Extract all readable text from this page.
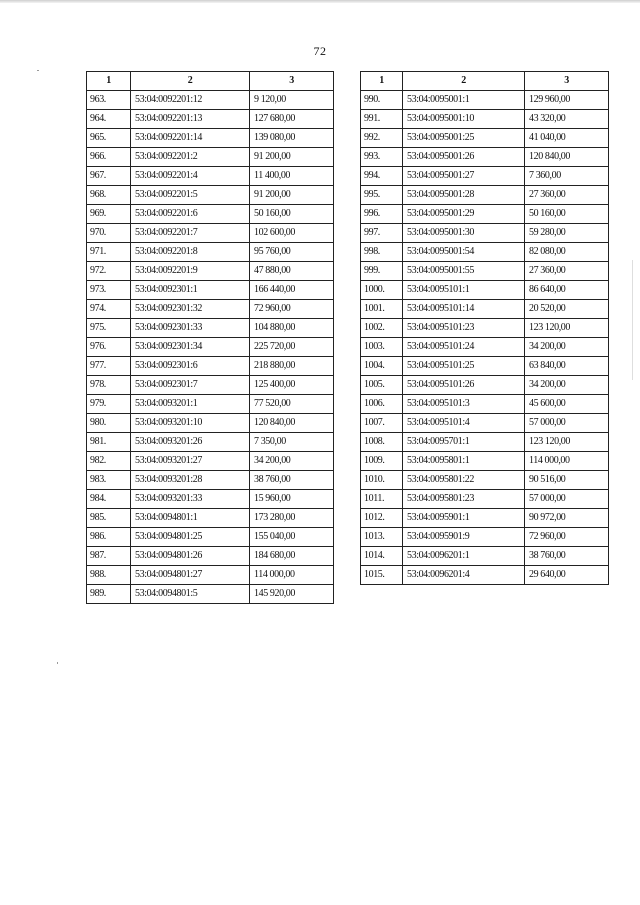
72
1	2	3
963.	53:04:0092201:12	9 120,00
964.	53:04:0092201:13	127 680,00
965.	53:04:0092201:14	139 080,00
966.	53:04:0092201:2	91 200,00
967.	53:04:0092201:4	11 400,00
968.	53:04:0092201:5	91 200,00
969.	53:04:0092201:6	50 160,00
970.	53:04:0092201:7	102 600,00
971.	53:04:0092201:8	95 760,00
972.	53:04:0092201:9	47 880,00
973.	53:04:0092301:1	166 440,00
974.	53:04:0092301:32	72 960,00
975.	53:04:0092301:33	104 880,00
976.	53:04:0092301:34	225 720,00
977.	53:04:0092301:6	218 880,00
978.	53:04:0092301:7	125 400,00
979.	53:04:0093201:1	77 520,00
980.	53:04:0093201:10	120 840,00
981.	53:04:0093201:26	7 350,00
982.	53:04:0093201:27	34 200,00
983.	53:04:0093201:28	38 760,00
984.	53:04:0093201:33	15 960,00
985.	53:04:0094801:1	173 280,00
986.	53:04:0094801:25	155 040,00
987.	53:04:0094801:26	184 680,00
988.	53:04:0094801:27	114 000,00
989.	53:04:0094801:5	145 920,00
1	2	3
990.	53:04:0095001:1	129 960,00
991.	53:04:0095001:10	43 320,00
992.	53:04:0095001:25	41 040,00
993.	53:04:0095001:26	120 840,00
994.	53:04:0095001:27	7 360,00
995.	53:04:0095001:28	27 360,00
996.	53:04:0095001:29	50 160,00
997.	53:04:0095001:30	59 280,00
998.	53:04:0095001:54	82 080,00
999.	53:04:0095001:55	27 360,00
1000.	53:04:0095101:1	86 640,00
1001.	53:04:0095101:14	20 520,00
1002.	53:04:0095101:23	123 120,00
1003.	53:04:0095101:24	34 200,00
1004.	53:04:0095101:25	63 840,00
1005.	53:04:0095101:26	34 200,00
1006.	53:04:0095101:3	45 600,00
1007.	53:04:0095101:4	57 000,00
1008.	53:04:0095701:1	123 120,00
1009.	53:04:0095801:1	114 000,00
1010.	53:04:0095801:22	90 516,00
1011.	53:04:0095801:23	57 000,00
1012.	53:04:0095901:1	90 972,00
1013.	53:04:0095901:9	72 960,00
1014.	53:04:0096201:1	38 760,00
1015.	53:04:0096201:4	29 640,00
